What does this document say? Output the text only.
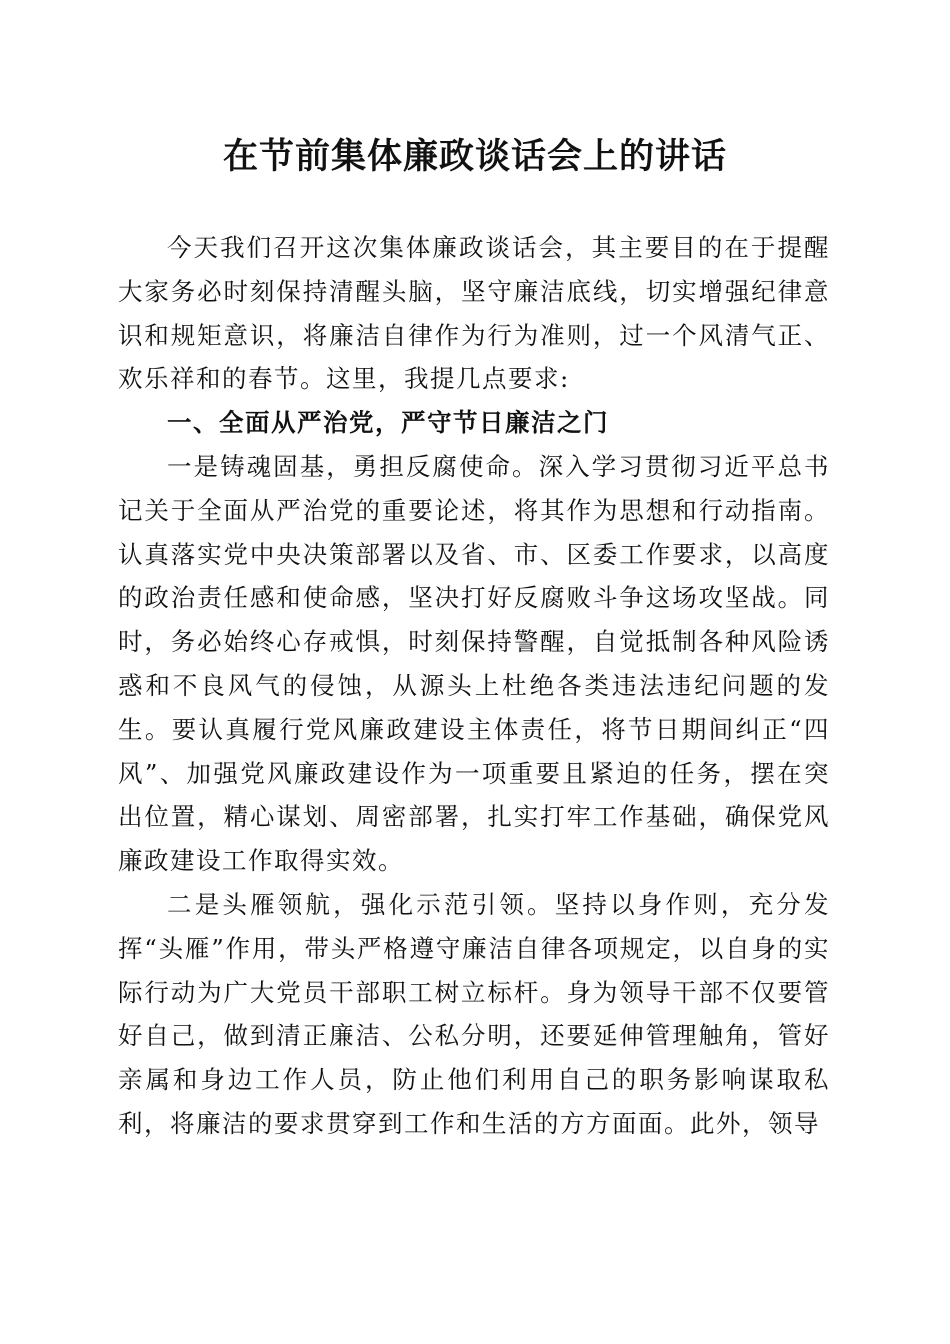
在节前集体廉政谈话会上的讲话

今天我们召开这次集体廉政谈话会，其主要目的在于提醒大家务必时刻保持清醒头脑，坚守廉洁底线，切实增强纪律意识和规矩意识，将廉洁自律作为行为准则，过一个风清气正、欢乐祥和的春节。这里，我提几点要求:

一、全面从严治党，严守节日廉洁之门

一是铸魂固基，勇担反腐使命。深入学习贯彻习近平总书记关于全面从严治党的重要论述，将其作为思想和行动指南。认真落实党中央决策部署以及省、市、区委工作要求，以高度的政治责任感和使命感，坚决打好反腐败斗争这场攻坚战。同时，务必始终心存戒惧，时刻保持警醒，自觉抵制各种风险诱惑和不良风气的侵蚀，从源头上杜绝各类违法违纪问题的发生。要认真履行党风廉政建设主体责任，将节日期间纠正“四风”、加强党风廉政建设作为一项重要且紧迫的任务，摆在突出位置，精心谋划、周密部署，扎实打牢工作基础，确保党风廉政建设工作取得实效。

二是头雁领航，强化示范引领。坚持以身作则，充分发挥“头雁”作用，带头严格遵守廉洁自律各项规定，以自身的实际行动为广大党员干部职工树立标杆。身为领导干部不仅要管好自己，做到清正廉洁、公私分明，还要延伸管理触角，管好亲属和身边工作人员，防止他们利用自己的职务影响谋取私利，将廉洁的要求贯穿到工作和生活的方方面面。此外，领导
